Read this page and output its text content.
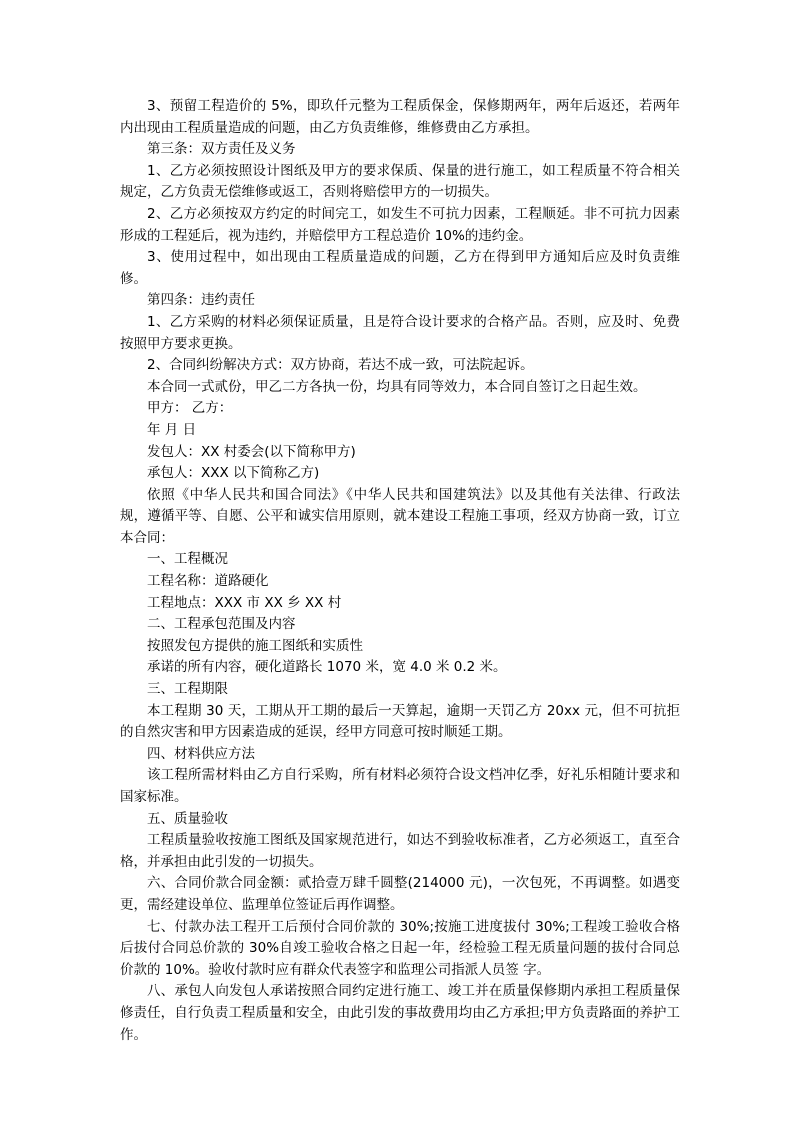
3、预留工程造价的 5%，即玖仟元整为工程质保金，保修期两年，两年后返还，若两年内出现由工程质量造成的问题，由乙方负责维修，维修费由乙方承担。

第三条：双方责任及义务

1、乙方必须按照设计图纸及甲方的要求保质、保量的进行施工，如工程质量不符合相关规定，乙方负责无偿维修或返工，否则将赔偿甲方的一切损失。

2、乙方必须按双方约定的时间完工，如发生不可抗力因素，工程顺延。非不可抗力因素形成的工程延后，视为违约，并赔偿甲方工程总造价 10%的违约金。

3、使用过程中，如出现由工程质量造成的问题，乙方在得到甲方通知后应及时负责维修。

第四条：违约责任

1、乙方采购的材料必须保证质量，且是符合设计要求的合格产品。否则，应及时、免费按照甲方要求更换。

2、合同纠纷解决方式：双方协商，若达不成一致，可法院起诉。

本合同一式贰份，甲乙二方各执一份，均具有同等效力，本合同自签订之日起生效。

甲方： 乙方：

年 月 日

发包人：XX 村委会(以下简称甲方)

承包人：XXX 以下简称乙方)

依照《中华人民共和国合同法》《中华人民共和国建筑法》以及其他有关法律、行政法规，遵循平等、自愿、公平和诚实信用原则，就本建设工程施工事项，经双方协商一致，订立本合同：

一、工程概况

工程名称：道路硬化

工程地点：XXX 市 XX 乡 XX 村

二、工程承包范围及内容

按照发包方提供的施工图纸和实质性

承诺的所有内容，硬化道路长 1070 米，宽 4.0 米 0.2 米。

三、工程期限

本工程期 30 天，工期从开工期的最后一天算起，逾期一天罚乙方 20xx 元，但不可抗拒的自然灾害和甲方因素造成的延误，经甲方同意可按时顺延工期。

四、材料供应方法

该工程所需材料由乙方自行采购，所有材料必须符合设文档冲亿季，好礼乐相随计要求和国家标准。

五、质量验收

工程质量验收按施工图纸及国家规范进行，如达不到验收标准者，乙方必须返工，直至合格，并承担由此引发的一切损失。

六、合同价款合同金额：贰拾壹万肆千圆整(214000 元)，一次包死，不再调整。如遇变更，需经建设单位、监理单位签证后再作调整。

七、付款办法工程开工后预付合同价款的 30%;按施工进度拔付 30%;工程竣工验收合格后拔付合同总价款的 30%自竣工验收合格之日起一年，经检验工程无质量问题的拔付合同总价款的 10%。验收付款时应有群众代表签字和监理公司指派人员签 字。

八、承包人向发包人承诺按照合同约定进行施工、竣工并在质量保修期内承担工程质量保修责任，自行负责工程质量和安全，由此引发的事故费用均由乙方承担;甲方负责路面的养护工作。
